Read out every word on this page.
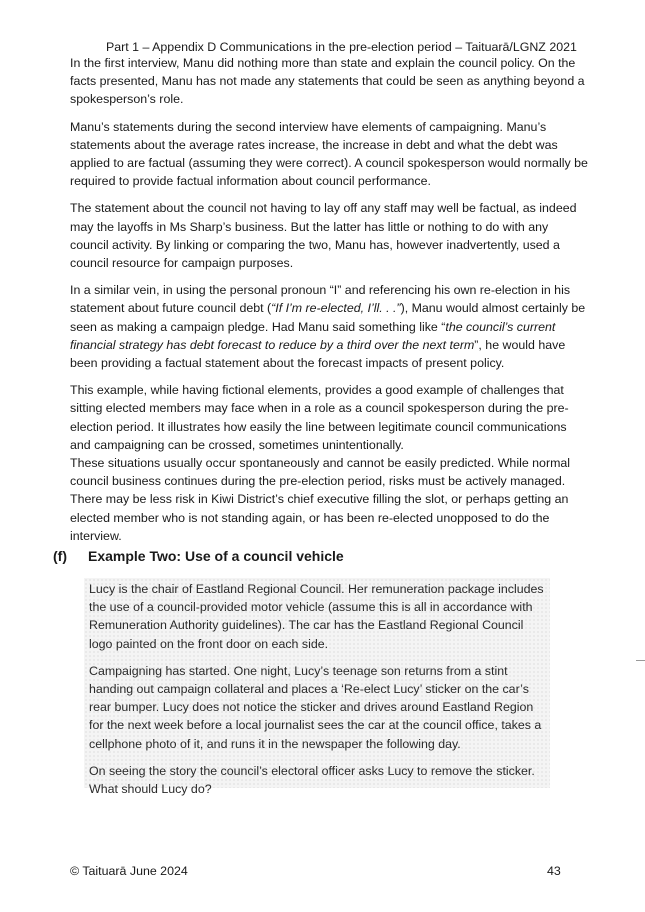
Part 1 – Appendix D Communications in the pre-election period – Taituarā/LGNZ 2021

In the first interview, Manu did nothing more than state and explain the council policy. On the facts presented, Manu has not made any statements that could be seen as anything beyond a spokesperson’s role.

Manu’s statements during the second interview have elements of campaigning. Manu’s statements about the average rates increase, the increase in debt and what the debt was applied to are factual (assuming they were correct). A council spokesperson would normally be required to provide factual information about council performance.

The statement about the council not having to lay off any staff may well be factual, as indeed may the layoffs in Ms Sharp’s business. But the latter has little or nothing to do with any council activity. By linking or comparing the two, Manu has, however inadvertently, used a council resource for campaign purposes.

In a similar vein, in using the personal pronoun “I” and referencing his own re-election in his statement about future council debt (“If I’m re-elected, I’ll. . .”), Manu would almost certainly be seen as making a campaign pledge. Had Manu said something like “the council’s current financial strategy has debt forecast to reduce by a third over the next term”, he would have been providing a factual statement about the forecast impacts of present policy.

This example, while having fictional elements, provides a good example of challenges that sitting elected members may face when in a role as a council spokesperson during the pre-election period. It illustrates how easily the line between legitimate council communications and campaigning can be crossed, sometimes unintentionally.

These situations usually occur spontaneously and cannot be easily predicted. While normal council business continues during the pre-election period, risks must be actively managed. There may be less risk in Kiwi District’s chief executive filling the slot, or perhaps getting an elected member who is not standing again, or has been re-elected unopposed to do the interview.

(f) Example Two: Use of a council vehicle

Lucy is the chair of Eastland Regional Council. Her remuneration package includes the use of a council-provided motor vehicle (assume this is all in accordance with Remuneration Authority guidelines). The car has the Eastland Regional Council logo painted on the front door on each side.

Campaigning has started. One night, Lucy’s teenage son returns from a stint handing out campaign collateral and places a ‘Re-elect Lucy’ sticker on the car’s rear bumper. Lucy does not notice the sticker and drives around Eastland Region for the next week before a local journalist sees the car at the council office, takes a cellphone photo of it, and runs it in the newspaper the following day.

On seeing the story the council’s electoral officer asks Lucy to remove the sticker. What should Lucy do?

© Taituarā June 2024	43
